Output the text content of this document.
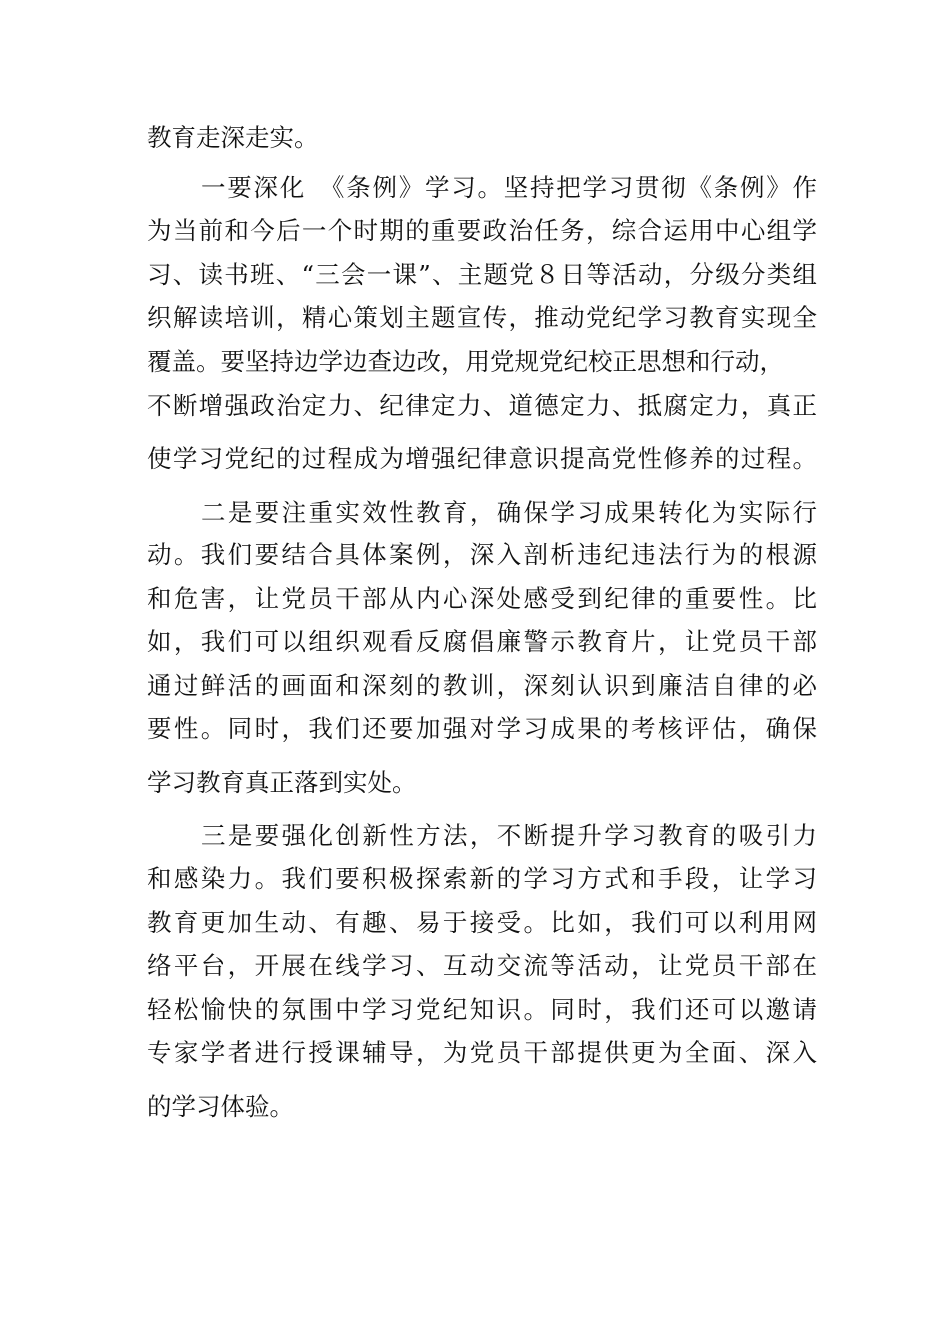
教育走深走实。
一要深化　《条例》学习。坚持把学习贯彻《条例》作
为当前和今后一个时期的重要政治任务，综合运用中心组学
习、读书班、“三会一课”、主题党８日等活动，分级分类组
织解读培训，精心策划主题宣传，推动党纪学习教育实现全
覆盖。要坚持边学边查边改，用党规党纪校正思想和行动，
不断增强政治定力、纪律定力、道德定力、抵腐定力，真正
使学习党纪的过程成为增强纪律意识提高党性修养的过程。
二是要注重实效性教育，确保学习成果转化为实际行
动。我们要结合具体案例，深入剖析违纪违法行为的根源
和危害，让党员干部从内心深处感受到纪律的重要性。比
如，我们可以组织观看反腐倡廉警示教育片，让党员干部
通过鲜活的画面和深刻的教训，深刻认识到廉洁自律的必
要性。同时，我们还要加强对学习成果的考核评估，确保
学习教育真正落到实处。
三是要强化创新性方法，不断提升学习教育的吸引力
和感染力。我们要积极探索新的学习方式和手段，让学习
教育更加生动、有趣、易于接受。比如，我们可以利用网
络平台，开展在线学习、互动交流等活动，让党员干部在
轻松愉快的氛围中学习党纪知识。同时，我们还可以邀请
专家学者进行授课辅导，为党员干部提供更为全面、深入
的学习体验。
